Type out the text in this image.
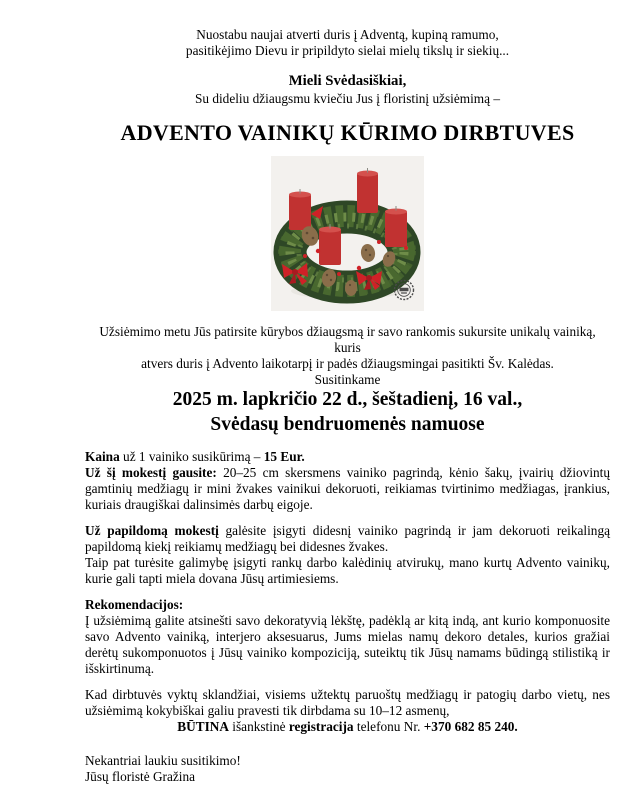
Nuostabu naujai atverti duris į Adventą, kupiną ramumo,
pasitikėjimo Dievu ir pripildyto sielai mielų tikslų ir siekių...

Mieli Svėdasiškiai,
Su dideliu džiaugsmu kviečiu Jus į floristinį užsiėmimą –

ADVENTO VAINIKŲ KŪRIMO DIRBTUVES

Užsiėmimo metu Jūs patirsite kūrybos džiaugsmą ir savo rankomis sukursite unikalų vainiką, kuris
atvers duris į Advento laikotarpį ir padės džiaugsmingai pasitikti Šv. Kalėdas.
Susitinkame

2025 m. lapkričio 22 d., šeštadienį, 16 val.,
Svėdasų bendruomenės namuose

Kaina už 1 vainiko susikūrimą – 15 Eur.

Už šį mokestį gausite: 20–25 cm skersmens vainiko pagrindą, kėnio šakų, įvairių džiovintų gamtinių medžiagų ir mini žvakes vainikui dekoruoti, reikiamas tvirtinimo medžiagas, įrankius, kuriais draugiškai dalinsimės darbų eigoje.

Už papildomą mokestį galėsite įsigyti didesnį vainiko pagrindą ir jam dekoruoti reikalingą papildomą kiekį reikiamų medžiagų bei didesnes žvakes.

Taip pat turėsite galimybę įsigyti rankų darbo kalėdinių atvirukų, mano kurtų Advento vainikų, kurie gali tapti miela dovana Jūsų artimiesiems.

Rekomendacijos:

Į užsiėmimą galite atsinešti savo dekoratyvią lėkštę, padėklą ar kitą indą, ant kurio komponuosite savo Advento vainiką, interjero aksesuarus, Jums mielas namų dekoro detales, kurios gražiai derėtų sukomponuotos į Jūsų vainiko kompoziciją, suteiktų tik Jūsų namams būdingą stilistiką ir išskirtinumą.

Kad dirbtuvės vyktų sklandžiai, visiems užtektų paruoštų medžiagų ir patogių darbo vietų, nes užsiėmimą kokybiškai galiu pravesti tik dirbdama su 10–12 asmenų,

BŪTINA išankstinė registracija telefonu Nr. +370 682 85 240.

Nekantriai laukiu susitikimo!
Jūsų floristė Gražina
